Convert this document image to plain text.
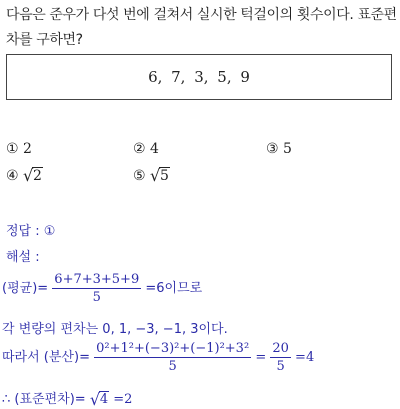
다음은 준우가 다섯 번에 걸쳐서 실시한 턱걸이의 횟수이다. 표준편
차를 구하면?
6, 7, 3, 5, 9
① 2	② 4	③ 5
④ √ 2	⑤ √ 5
정답 : ①
해설 :
(평균)= $\frac{6+7+3+5+9}{5} =6$이므로
각 변량의 편차는 0, 1, −3, −1, 3이다.
따라서 (분산)= $\frac{\text{0²+1²+(−3)²+(−1)²+3²}}{5} = \frac{20}{5} =4$
∴ (표준편차)= √ 4 =2
